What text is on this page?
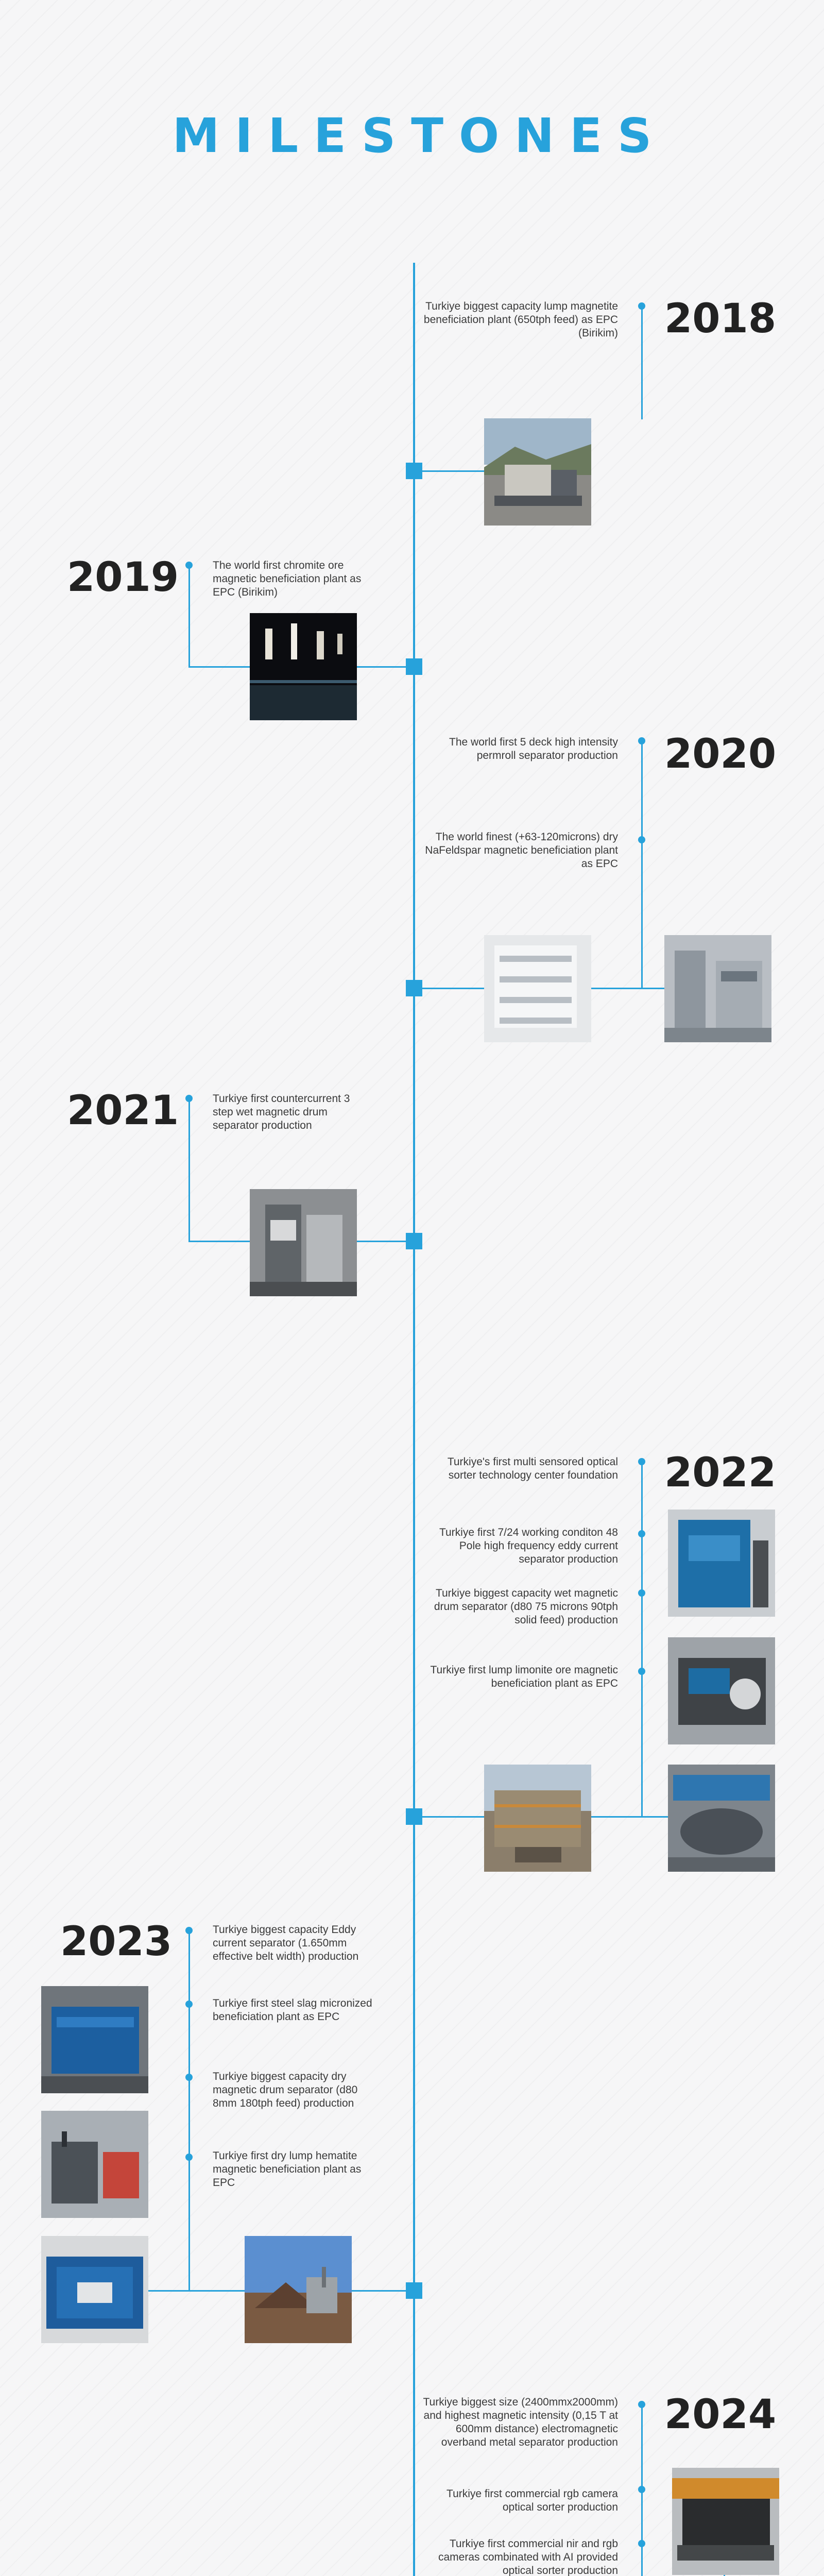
MILESTONES
2018

Turkiye biggest capacity lump magnetite beneficiation plant (650tph feed) as EPC (Birikim)

2019	The world first chromite ore magnetic beneficiation plant as EPC (Birikim)

2020

The world first 5 deck high intensity permroll separator production

The world finest (+63-120microns) dry NaFeldspar magnetic beneficiation plant as EPC

2021	Turkiye first countercurrent 3 step wet magnetic drum separator production

2022

Turkiye's first multi sensored optical sorter technology center foundation

Turkiye first 7/24 working conditon 48 Pole high frequency eddy current separator production

Turkiye biggest capacity wet magnetic drum separator (d80 75 microns 90tph solid feed) production

Turkiye first lump limonite ore magnetic beneficiation plant as EPC

2023	Turkiye biggest capacity Eddy current separator (1.650mm effective belt width) production

Turkiye first steel slag micronized beneficiation plant as EPC

Turkiye biggest capacity dry magnetic drum separator (d80 8mm 180tph feed) production

Turkiye first dry lump hematite magnetic beneficiation plant as EPC

2024

Turkiye biggest size (2400mmx2000mm) and highest magnetic intensity (0,15 T at 600mm distance) electromagnetic overband metal separator production

Turkiye first commercial rgb camera optical sorter production

Turkiye first commercial nir and rgb cameras combinated with AI provided optical sorter production
